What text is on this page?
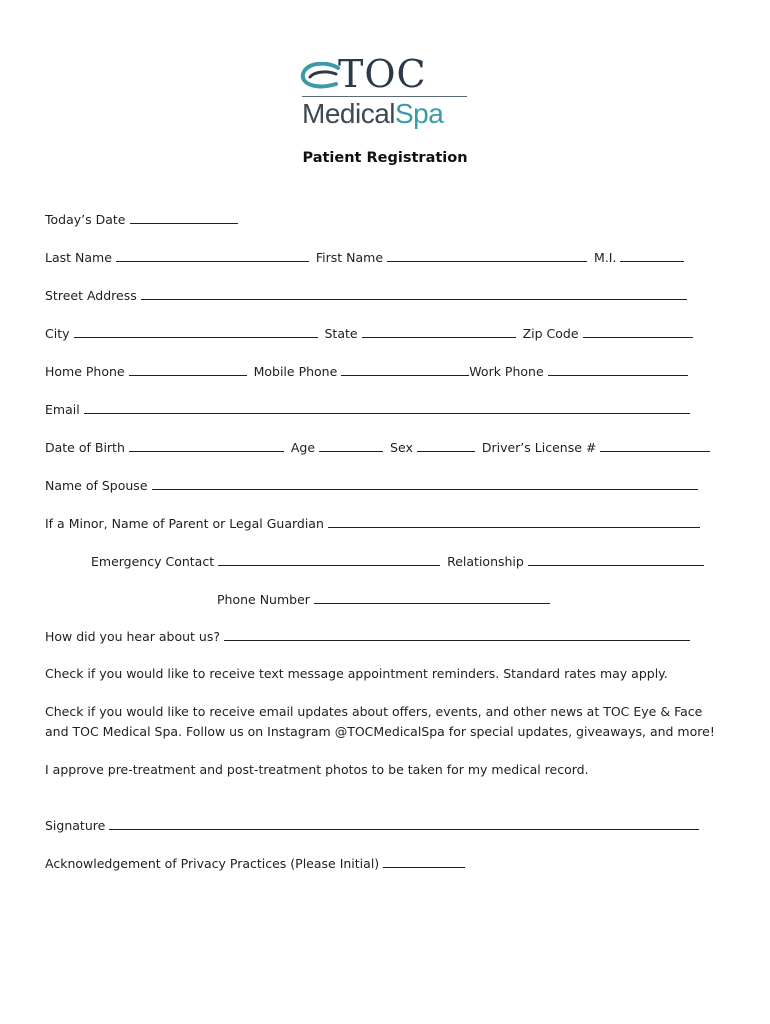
TOC
MedicalSpa
Patient Registration
Today’s Date
Last Name	First Name	M.I.
Street Address
City	State	Zip Code
Home Phone	Mobile Phone	Work Phone
Email
Date of Birth	Age	Sex	Driver’s License #
Name of Spouse
If a Minor, Name of Parent or Legal Guardian
Emergency Contact	Relationship
Phone Number
How did you hear about us?
Check if you would like to receive text message appointment reminders. Standard rates may apply.
Check if you would like to receive email updates about offers, events, and other news at TOC Eye & Face and TOC Medical Spa. Follow us on Instagram @TOCMedicalSpa for special updates, giveaways, and more!
I approve pre-treatment and post-treatment photos to be taken for my medical record.
Signature
Acknowledgement of Privacy Practices (Please Initial)
